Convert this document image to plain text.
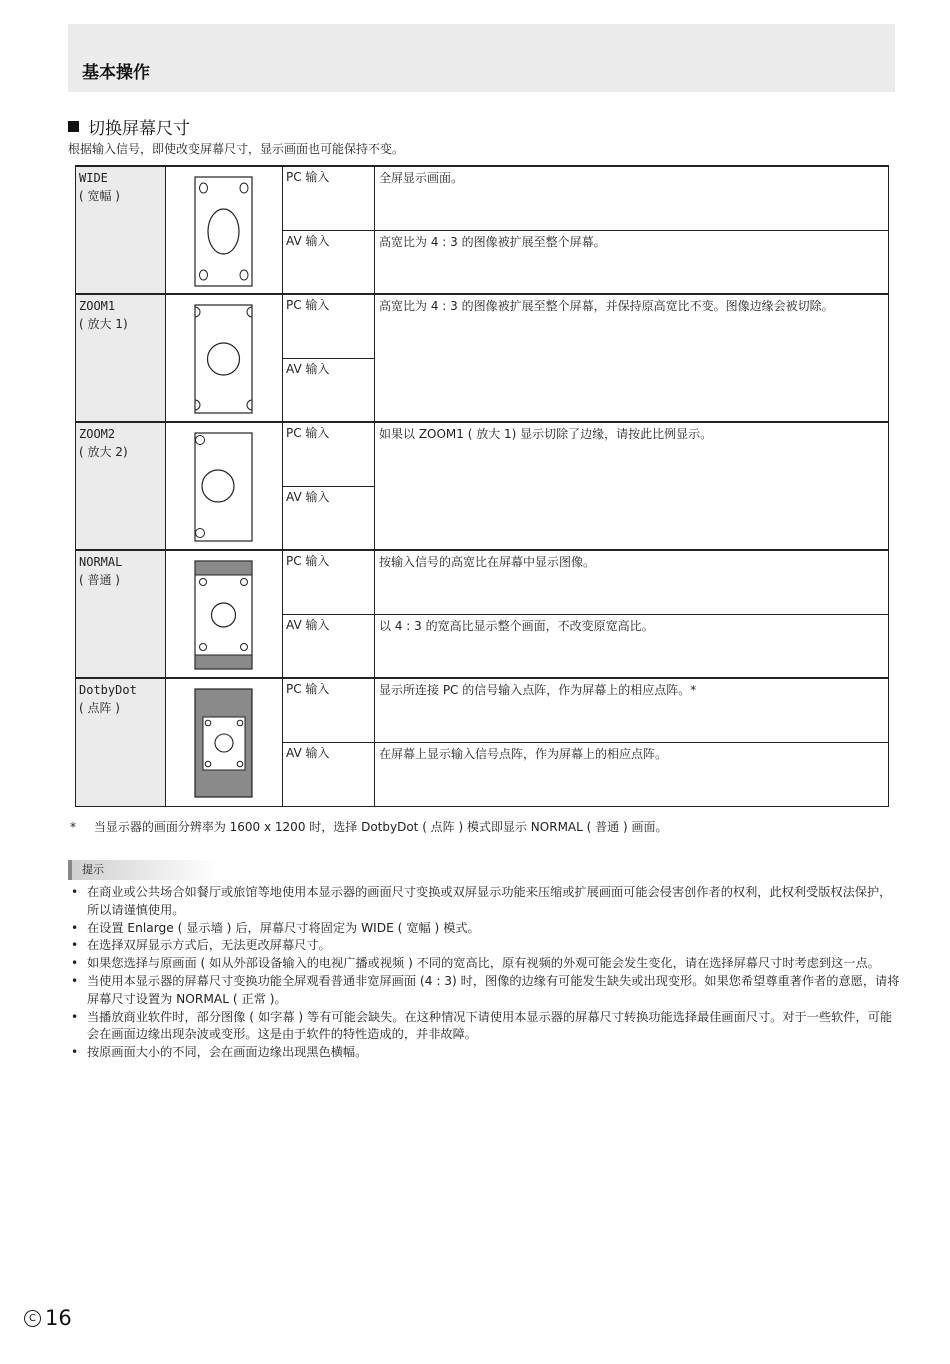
基本操作
切换屏幕尺寸
根据输入信号，即使改变屏幕尺寸，显示画面也可能保持不变。
WIDE
( 宽幅 )		PC 输入	全屏显示画面。
		AV 输入	高宽比为 4 : 3 的图像被扩展至整个屏幕。

ZOOM1
( 放大 1)		PC 输入	高宽比为 4 : 3 的图像被扩展至整个屏幕，并保持原高宽比不变。图像边缘会被切除。
		AV 输入	

ZOOM2
( 放大 2)		PC 输入	如果以 ZOOM1 ( 放大 1) 显示切除了边缘，请按此比例显示。
		AV 输入	

NORMAL
( 普通 )		PC 输入	按输入信号的高宽比在屏幕中显示图像。
		AV 输入	以 4 : 3 的宽高比显示整个画面，不改变原宽高比。

DotbyDot
( 点阵 )		PC 输入	显示所连接 PC 的信号输入点阵，作为屏幕上的相应点阵。*
		AV 输入	在屏幕上显示输入信号点阵，作为屏幕上的相应点阵。
* 当显示器的画面分辨率为 1600 x 1200 时，选择 DotbyDot ( 点阵 ) 模式即显示 NORMAL ( 普通 ) 画面。
提示
• 在商业或公共场合如餐厅或旅馆等地使用本显示器的画面尺寸变换或双屏显示功能来压缩或扩展画面可能会侵害创作者的权利，此权利受版权法保护，所以请谨慎使用。
• 在设置 Enlarge ( 显示墙 ) 后，屏幕尺寸将固定为 WIDE ( 宽幅 ) 模式。
• 在选择双屏显示方式后，无法更改屏幕尺寸。
• 如果您选择与原画面 ( 如从外部设备输入的电视广播或视频 ) 不同的宽高比，原有视频的外观可能会发生变化，请在选择屏幕尺寸时考虑到这一点。
• 当使用本显示器的屏幕尺寸变换功能全屏观看普通非宽屏画面 (4 : 3) 时，图像的边缘有可能发生缺失或出现变形。如果您希望尊重著作者的意愿，请将屏幕尺寸设置为 NORMAL ( 正常 )。
• 当播放商业软件时，部分图像 ( 如字幕 ) 等有可能会缺失。在这种情况下请使用本显示器的屏幕尺寸转换功能选择最佳画面尺寸。对于一些软件，可能会在画面边缘出现杂波或变形。这是由于软件的特性造成的，并非故障。
• 按原画面大小的不同，会在画面边缘出现黑色横幅。
C 16
